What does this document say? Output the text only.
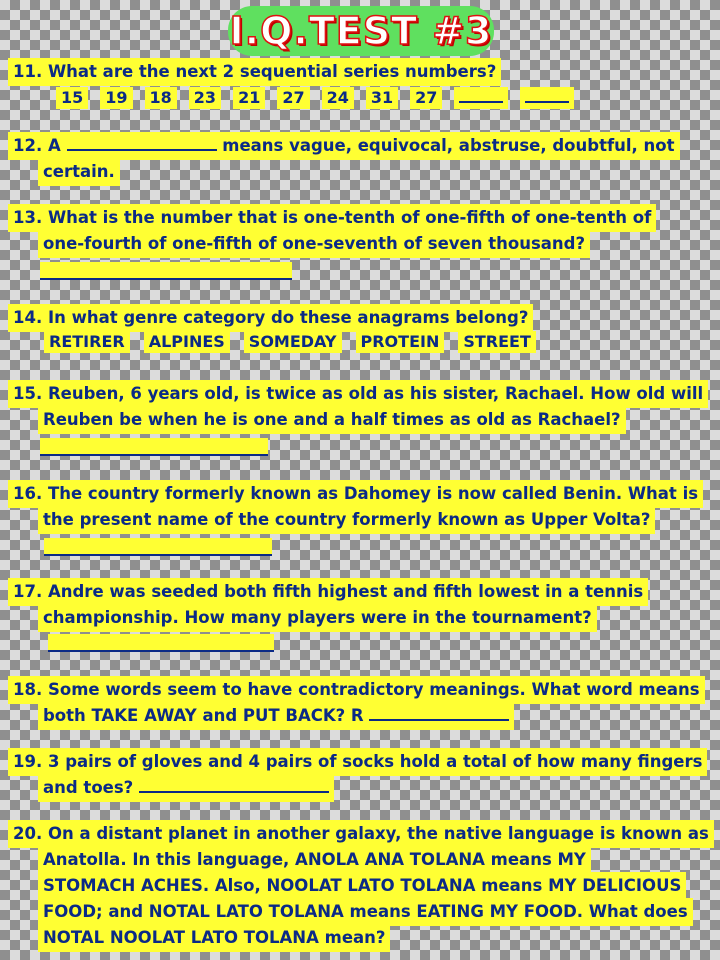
I.Q.TEST #3
11. What are the next 2 sequential series numbers?
15	19	18	23	21	27	24	31	27
12. A	means vague, equivocal, abstruse, doubtful, not
certain.
13. What is the number that is one-tenth of one-fifth of one-tenth of
one-fourth of one-fifth of one-seventh of seven thousand?
14. In what genre category do these anagrams belong?
RETIRER	ALPINES	SOMEDAY	PROTEIN	STREET
15. Reuben, 6 years old, is twice as old as his sister, Rachael. How old will
Reuben be when he is one and a half times as old as Rachael?
16. The country formerly known as Dahomey is now called Benin. What is
the present name of the country formerly known as Upper Volta?
17. Andre was seeded both fifth highest and fifth lowest in a tennis
championship. How many players were in the tournament?
18. Some words seem to have contradictory meanings. What word means
both TAKE AWAY and PUT BACK? R
19. 3 pairs of gloves and 4 pairs of socks hold a total of how many fingers
and toes?
20. On a distant planet in another galaxy, the native language is known as
Anatolla. In this language, ANOLA ANA TOLANA means MY
STOMACH ACHES. Also, NOOLAT LATO TOLANA means MY DELICIOUS
FOOD; and NOTAL LATO TOLANA means EATING MY FOOD. What does
NOTAL NOOLAT LATO TOLANA mean?
